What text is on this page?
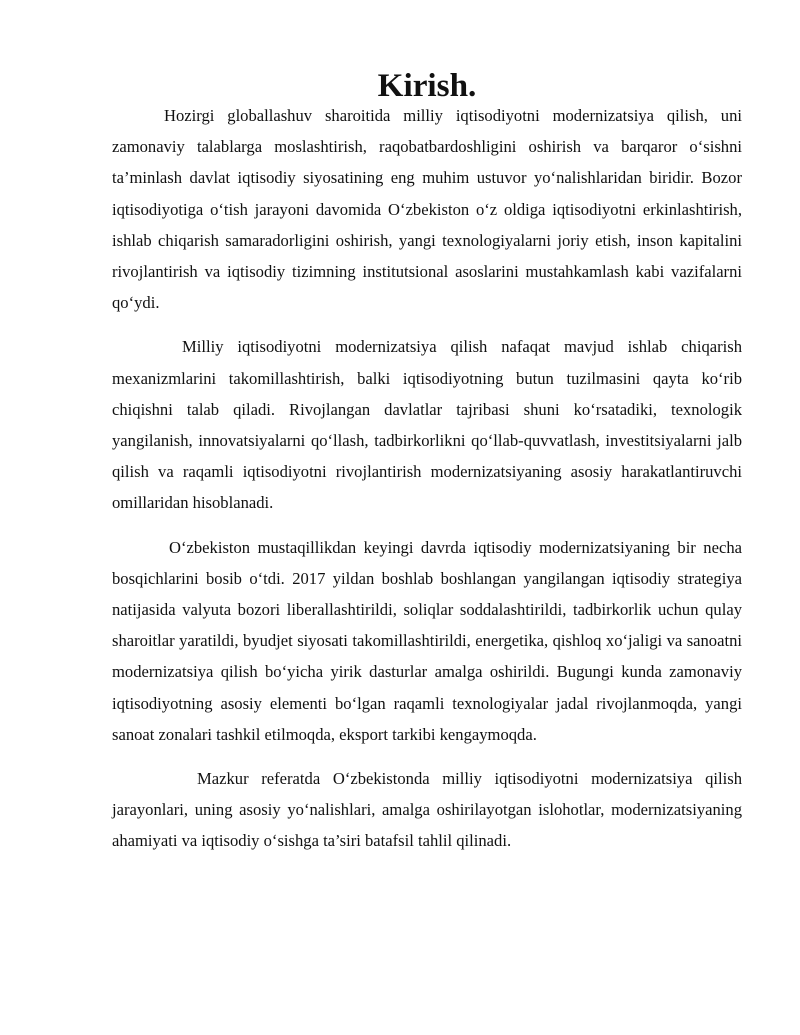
Kirish.

Hozirgi globallashuv sharoitida milliy iqtisodiyotni modernizatsiya qilish, uni zamonaviy talablarga moslashtirish, raqobatbardoshligini oshirish va barqaror o‘sishni ta’minlash davlat iqtisodiy siyosatining eng muhim ustuvor yo‘nalishlaridan biridir. Bozor iqtisodiyotiga o‘tish jarayoni davomida O‘zbekiston o‘z oldiga iqtisodiyotni erkinlashtirish, ishlab chiqarish samaradorligini oshirish, yangi texnologiyalarni joriy etish, inson kapitalini rivojlantirish va iqtisodiy tizimning institutsional asoslarini mustahkamlash kabi vazifalarni qo‘ydi.

Milliy iqtisodiyotni modernizatsiya qilish nafaqat mavjud ishlab chiqarish mexanizmlarini takomillashtirish, balki iqtisodiyotning butun tuzilmasini qayta ko‘rib chiqishni talab qiladi. Rivojlangan davlatlar tajribasi shuni ko‘rsatadiki, texnologik yangilanish, innovatsiyalarni qo‘llash, tadbirkorlikni qo‘llab-quvvatlash, investitsiyalarni jalb qilish va raqamli iqtisodiyotni rivojlantirish modernizatsiyaning asosiy harakatlantiruvchi omillaridan hisoblanadi.

O‘zbekiston mustaqillikdan keyingi davrda iqtisodiy modernizatsiyaning bir necha bosqichlarini bosib o‘tdi. 2017 yildan boshlab boshlangan yangilangan iqtisodiy strategiya natijasida valyuta bozori liberallashtirildi, soliqlar soddalashtirildi, tadbirkorlik uchun qulay sharoitlar yaratildi, byudjet siyosati takomillashtirildi, energetika, qishloq xo‘jaligi va sanoatni modernizatsiya qilish bo‘yicha yirik dasturlar amalga oshirildi. Bugungi kunda zamonaviy iqtisodiyotning asosiy elementi bo‘lgan raqamli texnologiyalar jadal rivojlanmoqda, yangi sanoat zonalari tashkil etilmoqda, eksport tarkibi kengaymoqda.

Mazkur referatda O‘zbekistonda milliy iqtisodiyotni modernizatsiya qilish jarayonlari, uning asosiy yo‘nalishlari, amalga oshirilayotgan islohotlar, modernizatsiyaning ahamiyati va iqtisodiy o‘sishga ta’siri batafsil tahlil qilinadi.
